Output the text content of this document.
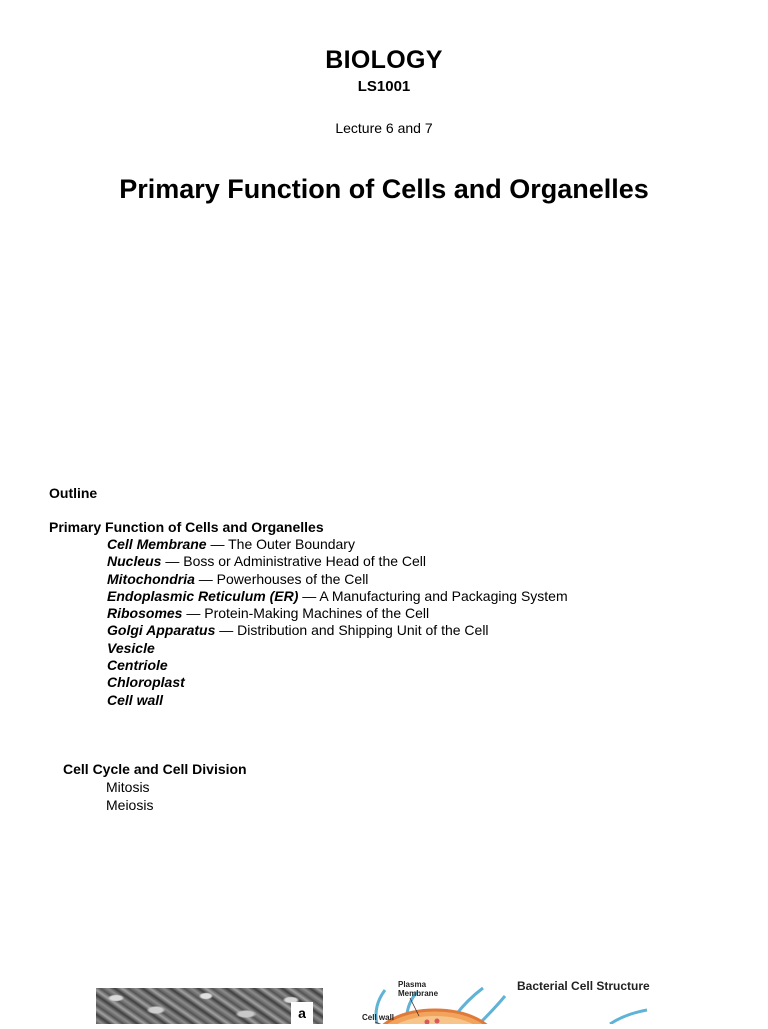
BIOLOGY
LS1001
Lecture 6 and 7
Primary Function of Cells and Organelles
Outline
Primary Function of Cells and Organelles
Cell Membrane — The Outer Boundary
Nucleus — Boss or Administrative Head of the Cell
Mitochondria — Powerhouses of the Cell
Endoplasmic Reticulum (ER) — A Manufacturing and Packaging System
Ribosomes — Protein-Making Machines of the Cell
Golgi Apparatus — Distribution and Shipping Unit of the Cell
Vesicle
Centriole
Chloroplast
Cell wall
Cell Cycle and Cell Division
Mitosis
Meiosis
a
Bacterial Cell Structure
Plasma Membrane
Cell wall
